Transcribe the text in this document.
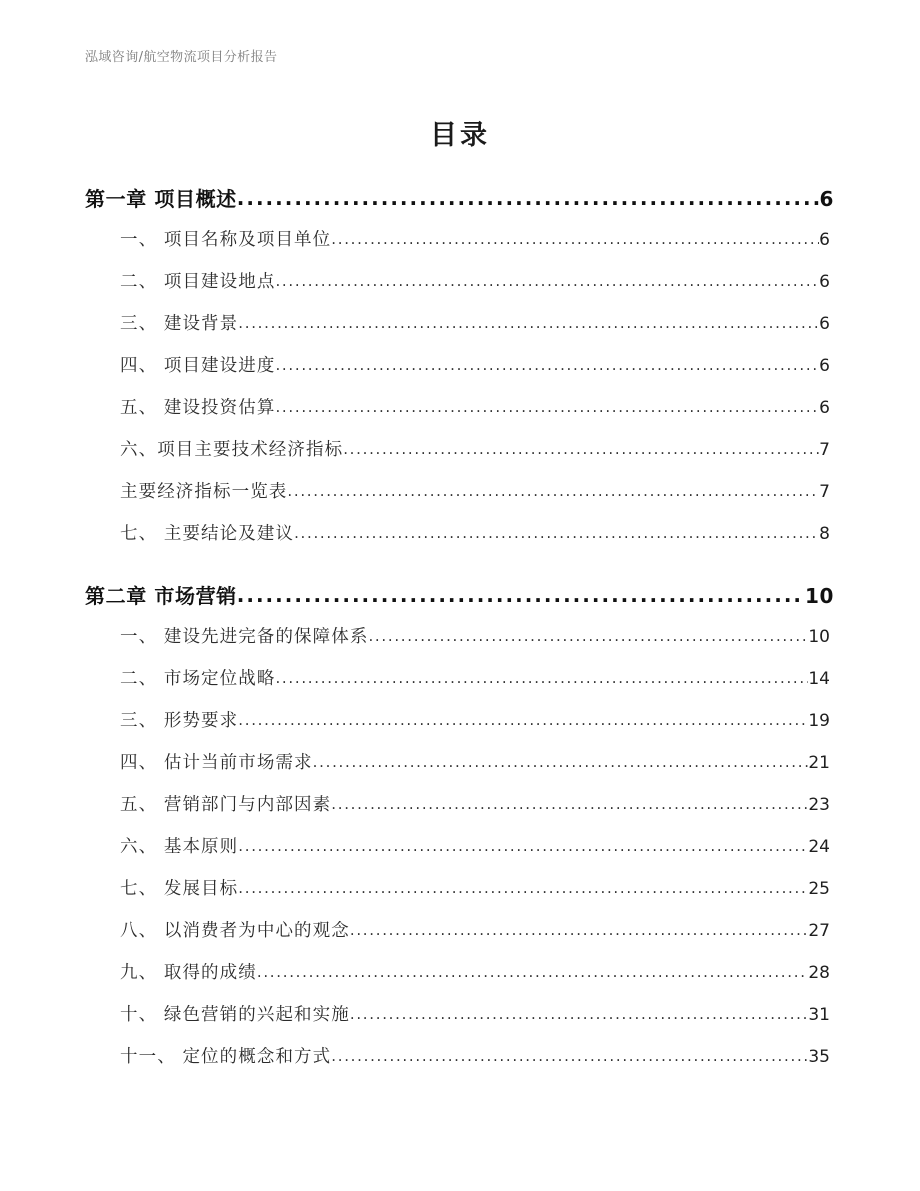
泓域咨询/航空物流项目分析报告
目录
第一章 项目概述 .....	6
一、 项目名称及项目单位 .....	6
二、 项目建设地点 .....	6
三、 建设背景 .....	6
四、 项目建设进度 .....	6
五、 建设投资估算 .....	6
六、项目主要技术经济指标 .....	7
主要经济指标一览表 .....	7
七、 主要结论及建议 .....	8
第二章 市场营销 .....	10
一、 建设先进完备的保障体系 .....	10
二、 市场定位战略 .....	14
三、 形势要求 .....	19
四、 估计当前市场需求 .....	21
五、 营销部门与内部因素 .....	23
六、 基本原则 .....	24
七、 发展目标 .....	25
八、 以消费者为中心的观念 .....	27
九、 取得的成绩 .....	28
十、 绿色营销的兴起和实施 .....	31
十一、 定位的概念和方式 .....	35
